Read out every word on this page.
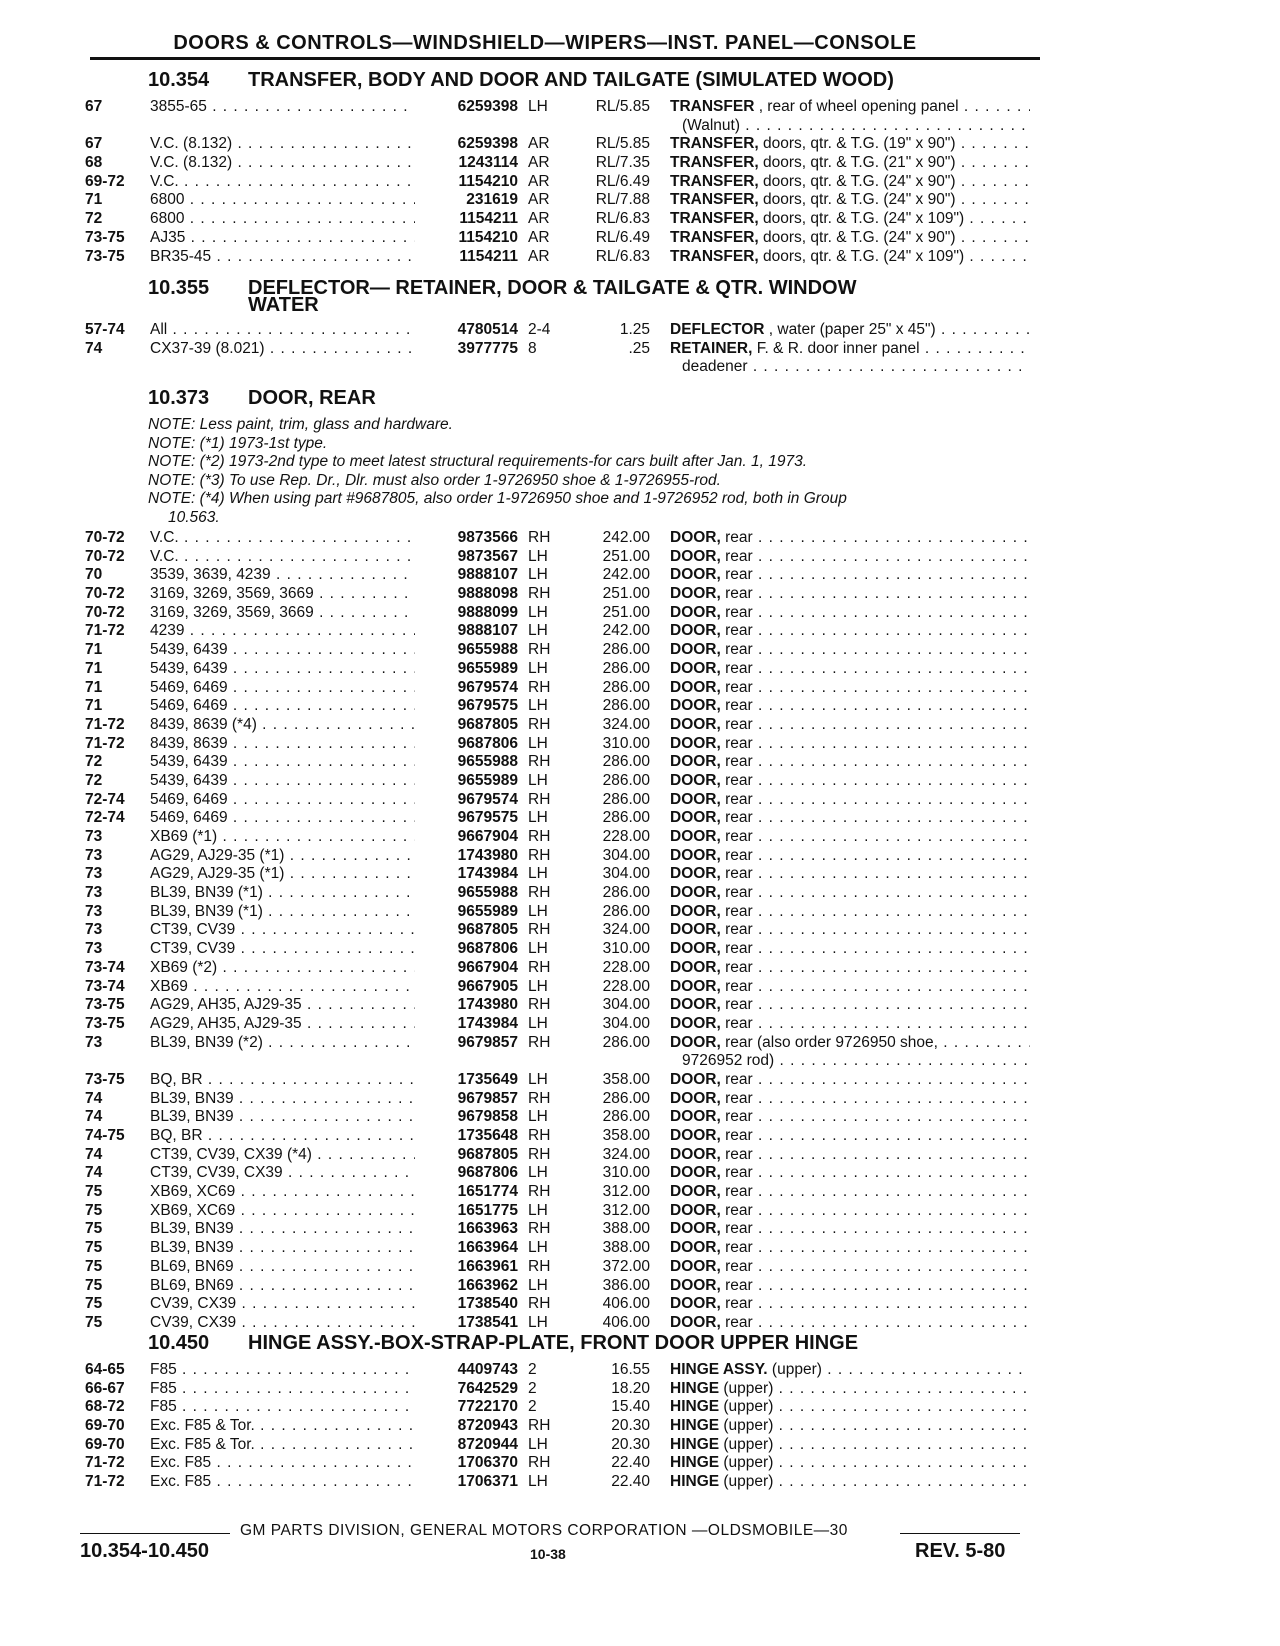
DOORS & CONTROLS—WINDSHIELD—WIPERS—INST. PANEL—CONSOLE
10.354 TRANSFER, BODY AND DOOR AND TAILGATE (SIMULATED WOOD)
67	3855-65 . . .	6259398 LH	RL/5.85 TRANSFER , rear of wheel opening panel . . .
(Walnut) . . .
67	V.C. (8.132) . . .	6259398 AR	RL/5.85 TRANSFER, doors, qtr. & T.G. (19" x 90") . . .
68	V.C. (8.132) . . .	1243114 AR	RL/7.35 TRANSFER, doors, qtr. & T.G. (21" x 90") . . .
69-72	V.C. . . .	1154210 AR	RL/6.49 TRANSFER, doors, qtr. & T.G. (24" x 90") . . .
71	6800 . . .	231619 AR	RL/7.88 TRANSFER, doors, qtr. & T.G. (24" x 90") . . .
72	6800 . . .	1154211 AR	RL/6.83 TRANSFER, doors, qtr. & T.G. (24" x 109") . . .
73-75	AJ35 . . .	1154210 AR	RL/6.49 TRANSFER, doors, qtr. & T.G. (24" x 90") . . .
73-75	BR35-45 . . .	1154211 AR	RL/6.83 TRANSFER, doors, qtr. & T.G. (24" x 109") . . .
10.355 DEFLECTOR— RETAINER, DOOR & TAILGATE & QTR. WINDOW
WATER
57-74	All . . .	4780514 2-4	1.25 DEFLECTOR , water (paper 25" x 45") . . .
74	CX37-39 (8.021) . . .	3977775 8	.25 RETAINER, F. & R. door inner panel . . .
deadener . . .
10.373 DOOR, REAR
NOTE: Less paint, trim, glass and hardware.
NOTE: (*1) 1973-1st type.
NOTE: (*2) 1973-2nd type to meet latest structural requirements-for cars built after Jan. 1, 1973.
NOTE: (*3) To use Rep. Dr., Dlr. must also order 1-9726950 shoe & 1-9726955-rod.
NOTE: (*4) When using part #9687805, also order 1-9726950 shoe and 1-9726952 rod, both in Group
10.563.
70-72	V.C. . . .	9873566 RH	242.00 DOOR, rear . . .
70-72	V.C. . . .	9873567 LH	251.00 DOOR, rear . . .
70	3539, 3639, 4239 . . .	9888107 LH	242.00 DOOR, rear . . .
70-72	3169, 3269, 3569, 3669 . . .	9888098 RH	251.00 DOOR, rear . . .
70-72	3169, 3269, 3569, 3669 . . .	9888099 LH	251.00 DOOR, rear . . .
71-72	4239 . . .	9888107 LH	242.00 DOOR, rear . . .
71	5439, 6439 . . .	9655988 RH	286.00 DOOR, rear . . .
71	5439, 6439 . . .	9655989 LH	286.00 DOOR, rear . . .
71	5469, 6469 . . .	9679574 RH	286.00 DOOR, rear . . .
71	5469, 6469 . . .	9679575 LH	286.00 DOOR, rear . . .
71-72	8439, 8639 (*4) . . .	9687805 RH	324.00 DOOR, rear . . .
71-72	8439, 8639 . . .	9687806 LH	310.00 DOOR, rear . . .
72	5439, 6439 . . .	9655988 RH	286.00 DOOR, rear . . .
72	5439, 6439 . . .	9655989 LH	286.00 DOOR, rear . . .
72-74	5469, 6469 . . .	9679574 RH	286.00 DOOR, rear . . .
72-74	5469, 6469 . . .	9679575 LH	286.00 DOOR, rear . . .
73	XB69 (*1) . . .	9667904 RH	228.00 DOOR, rear . . .
73	AG29, AJ29-35 (*1) . . .	1743980 RH	304.00 DOOR, rear . . .
73	AG29, AJ29-35 (*1) . . .	1743984 LH	304.00 DOOR, rear . . .
73	BL39, BN39 (*1) . . .	9655988 RH	286.00 DOOR, rear . . .
73	BL39, BN39 (*1) . . .	9655989 LH	286.00 DOOR, rear . . .
73	CT39, CV39 . . .	9687805 RH	324.00 DOOR, rear . . .
73	CT39, CV39 . . .	9687806 LH	310.00 DOOR, rear . . .
73-74	XB69 (*2) . . .	9667904 RH	228.00 DOOR, rear . . .
73-74	XB69 . . .	9667905 LH	228.00 DOOR, rear . . .
73-75	AG29, AH35, AJ29-35 . . .	1743980 RH	304.00 DOOR, rear . . .
73-75	AG29, AH35, AJ29-35 . . .	1743984 LH	304.00 DOOR, rear . . .
73	BL39, BN39 (*2) . . .	9679857 RH	286.00 DOOR, rear (also order 9726950 shoe, . . .
9726952 rod) . . .
73-75	BQ, BR . . .	1735649 LH	358.00 DOOR, rear . . .
74	BL39, BN39 . . .	9679857 RH	286.00 DOOR, rear . . .
74	BL39, BN39 . . .	9679858 LH	286.00 DOOR, rear . . .
74-75	BQ, BR . . .	1735648 RH	358.00 DOOR, rear . . .
74	CT39, CV39, CX39 (*4) . . .	9687805 RH	324.00 DOOR, rear . . .
74	CT39, CV39, CX39 . . .	9687806 LH	310.00 DOOR, rear . . .
75	XB69, XC69 . . .	1651774 RH	312.00 DOOR, rear . . .
75	XB69, XC69 . . .	1651775 LH	312.00 DOOR, rear . . .
75	BL39, BN39 . . .	1663963 RH	388.00 DOOR, rear . . .
75	BL39, BN39 . . .	1663964 LH	388.00 DOOR, rear . . .
75	BL69, BN69 . . .	1663961 RH	372.00 DOOR, rear . . .
75	BL69, BN69 . . .	1663962 LH	386.00 DOOR, rear . . .
75	CV39, CX39 . . .	1738540 RH	406.00 DOOR, rear . . .
75	CV39, CX39 . . .	1738541 LH	406.00 DOOR, rear . . .
10.450 HINGE ASSY.-BOX-STRAP-PLATE, FRONT DOOR UPPER HINGE
64-65	F85 . . .	4409743 2	16.55 HINGE ASSY. (upper) . . .
66-67	F85 . . .	7642529 2	18.20 HINGE (upper) . . .
68-72	F85 . . .	7722170 2	15.40 HINGE (upper) . . .
69-70	Exc. F85 & Tor. . . .	8720943 RH	20.30 HINGE (upper) . . .
69-70	Exc. F85 & Tor. . . .	8720944 LH	20.30 HINGE (upper) . . .
71-72	Exc. F85 . . .	1706370 RH	22.40 HINGE (upper) . . .
71-72	Exc. F85 . . .	1706371 LH	22.40 HINGE (upper) . . .
GM PARTS DIVISION, GENERAL MOTORS CORPORATION —OLDSMOBILE—30
10.354-10.450	10-38	REV. 5-80
